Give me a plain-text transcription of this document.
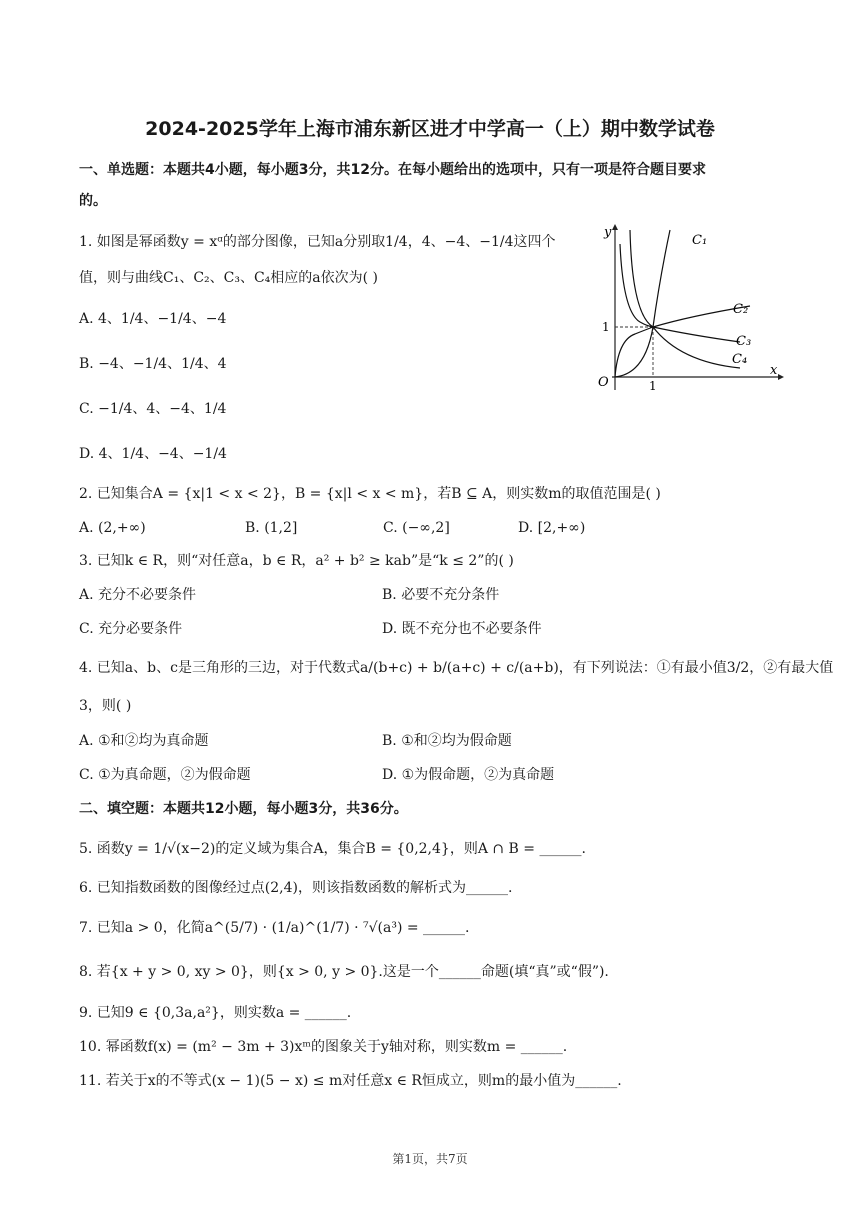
2024-2025学年上海市浦东新区进才中学高一（上）期中数学试卷
一、单选题：本题共4小题，每小题3分，共12分。在每小题给出的选项中，只有一项是符合题目要求
的。
1. 如图是幂函数y = xᵅ的部分图像，已知a分别取1/4，4、−4、−1/4这四个
值，则与曲线C₁、C₂、C₃、C₄相应的a依次为( )
A. 4、1/4、−1/4、−4
B. −4、−1/4、1/4、4
C. −1/4、4、−4、1/4
D. 4、1/4、−4、−1/4
y
x
O	1
1
C₁
C₂
C₃
C₄
2. 已知集合A = {x|1 < x < 2}，B = {x|l < x < m}，若B ⊆ A，则实数m的取值范围是( )
A. (2,+∞)	B. (1,2]	C. (−∞,2]	D. [2,+∞)
3. 已知k ∈ R，则“对任意a，b ∈ R，a² + b² ≥ kab”是“k ≤ 2”的( )
A. 充分不必要条件	B. 必要不充分条件
C. 充分必要条件	D. 既不充分也不必要条件
4. 已知a、b、c是三角形的三边，对于代数式a/(b+c) + b/(a+c) + c/(a+b)，有下列说法：①有最小值3/2，②有最大值
3，则( )
A. ①和②均为真命题	B. ①和②均为假命题
C. ①为真命题，②为假命题	D. ①为假命题，②为真命题
二、填空题：本题共12小题，每小题3分，共36分。
5. 函数y = 1/√(x−2)的定义域为集合A，集合B = {0,2,4}，则A ∩ B = ______.
6. 已知指数函数的图像经过点(2,4)，则该指数函数的解析式为______.
7. 已知a > 0，化简a^(5/7) · (1/a)^(1/7) · ⁷√(a³) = ______.
8. 若{x + y > 0, xy > 0}，则{x > 0, y > 0}.这是一个______命题(填“真”或“假”).
9. 已知9 ∈ {0,3a,a²}，则实数a = ______.
10. 幂函数f(x) = (m² − 3m + 3)xᵐ的图象关于y轴对称，则实数m = ______.
11. 若关于x的不等式(x − 1)(5 − x) ≤ m对任意x ∈ R恒成立，则m的最小值为______.
第1页，共7页
